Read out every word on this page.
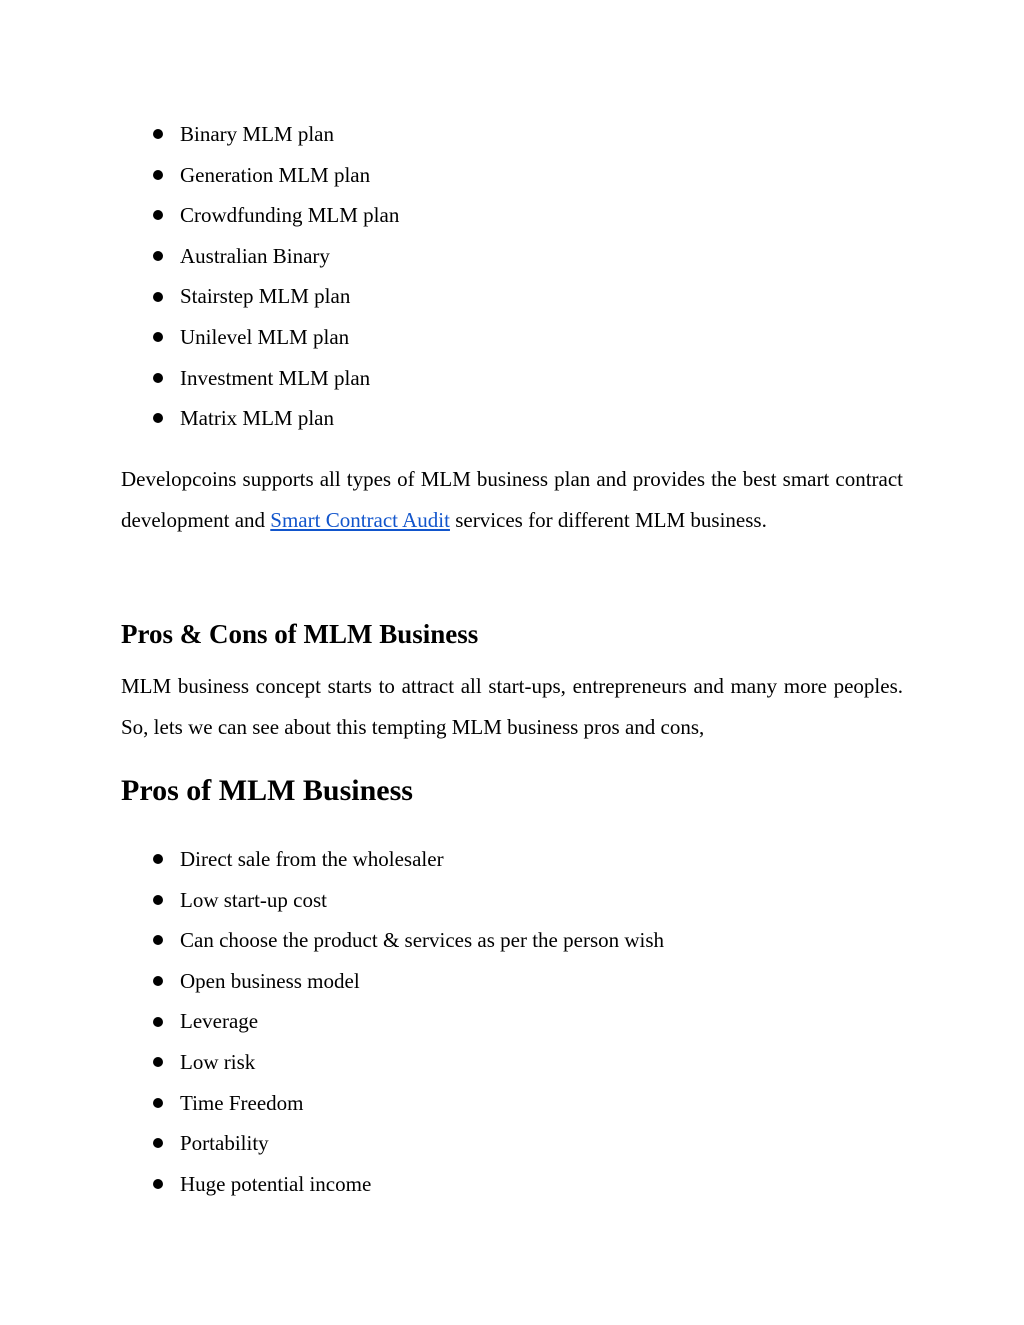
Binary MLM plan
Generation MLM plan
Crowdfunding MLM plan
Australian Binary
Stairstep MLM plan
Unilevel MLM plan
Investment MLM plan
Matrix MLM plan

Developcoins supports all types of MLM business plan and provides the best smart contract development and Smart Contract Audit services for different MLM business.

Pros & Cons of MLM Business

MLM business concept starts to attract all start-ups, entrepreneurs and many more peoples. So, lets we can see about this tempting MLM business pros and cons,

Pros of MLM Business
Direct sale from the wholesaler
Low start-up cost
Can choose the product & services as per the person wish
Open business model
Leverage
Low risk
Time Freedom
Portability
Huge potential income
